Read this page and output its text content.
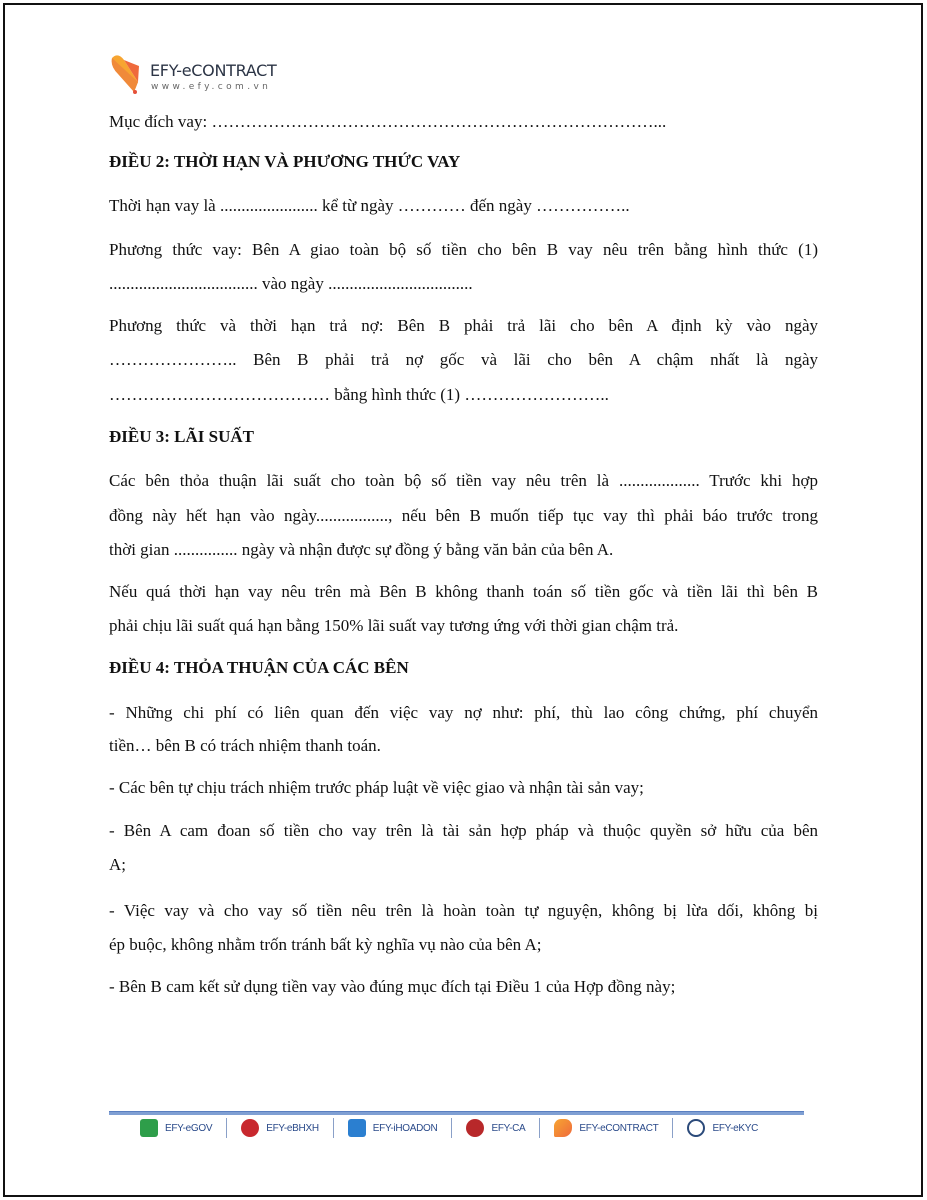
EFY-eCONTRACT
www.efy.com.vn
Mục đích vay: ……………………………………………………………………...
ĐIỀU 2: THỜI HẠN VÀ PHƯƠNG THỨC VAY
Thời hạn vay là ....................... kể từ ngày ………… đến ngày ……………..
Phương thức vay: Bên A giao toàn bộ số tiền cho bên B vay nêu trên bằng hình thức (1)
................................... vào ngày ..................................
Phương thức và thời hạn trả nợ: Bên B phải trả lãi cho bên A định kỳ vào ngày
………………….. Bên B phải trả nợ gốc và lãi cho bên A chậm nhất là ngày
………………………………… bằng hình thức (1) ……………………..
ĐIỀU 3: LÃI SUẤT
Các bên thỏa thuận lãi suất cho toàn bộ số tiền vay nêu trên là ................... Trước khi hợp
đồng này hết hạn vào ngày................., nếu bên B muốn tiếp tục vay thì phải báo trước trong
thời gian ............... ngày và nhận được sự đồng ý bằng văn bản của bên A.
Nếu quá thời hạn vay nêu trên mà Bên B không thanh toán số tiền gốc và tiền lãi thì bên B
phải chịu lãi suất quá hạn bằng 150% lãi suất vay tương ứng với thời gian chậm trả.
ĐIỀU 4: THỎA THUẬN CỦA CÁC BÊN
- Những chi phí có liên quan đến việc vay nợ như: phí, thù lao công chứng, phí chuyển
tiền… bên B có trách nhiệm thanh toán.
- Các bên tự chịu trách nhiệm trước pháp luật về việc giao và nhận tài sản vay;
- Bên A cam đoan số tiền cho vay trên là tài sản hợp pháp và thuộc quyền sở hữu của bên
A;
- Việc vay và cho vay số tiền nêu trên là hoàn toàn tự nguyện, không bị lừa dối, không bị
ép buộc, không nhằm trốn tránh bất kỳ nghĩa vụ nào của bên A;
- Bên B cam kết sử dụng tiền vay vào đúng mục đích tại Điều 1 của Hợp đồng này;
EFY-eGOV	EFY-eBHXH	EFY-iHOADON	EFY-CA	EFY-eCONTRACT	EFY-eKYC
